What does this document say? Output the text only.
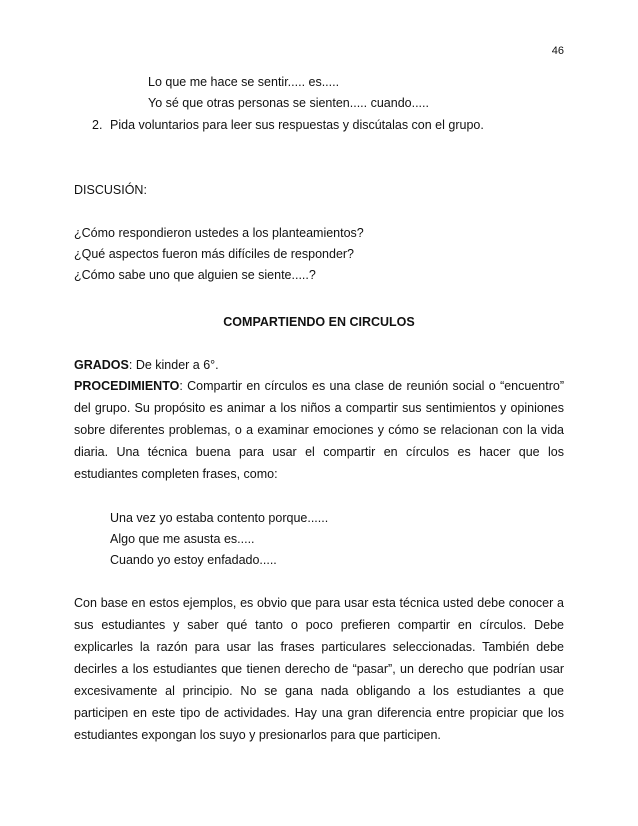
46
Lo que me hace se sentir..... es.....
Yo sé que otras personas se sienten..... cuando.....
2. Pida voluntarios para leer sus respuestas y discútalas con el grupo.
DISCUSIÓN:
¿Cómo respondieron ustedes a los planteamientos?
¿Qué aspectos fueron más difíciles de responder?
¿Cómo sabe uno que alguien se siente.....?
COMPARTIENDO EN CIRCULOS
GRADOS: De kinder a 6°.
PROCEDIMIENTO: Compartir en círculos es una clase de reunión social o “encuentro”
del grupo. Su propósito es animar a los niños a compartir sus sentimientos y opiniones
sobre diferentes problemas, o a examinar emociones y cómo se relacionan con la vida
diaria. Una técnica buena para usar el compartir en círculos es hacer que los
estudiantes completen frases, como:
Una vez yo estaba contento porque......
Algo que me asusta es.....
Cuando yo estoy enfadado.....
Con base en estos ejemplos, es obvio que para usar esta técnica usted debe conocer a
sus estudiantes y saber qué tanto o poco prefieren compartir en círculos. Debe
explicarles la razón para usar las frases particulares seleccionadas. También debe
decirles a los estudiantes que tienen derecho de “pasar”, un derecho que podrían usar
excesivamente al principio. No se gana nada obligando a los estudiantes a que
participen en este tipo de actividades. Hay una gran diferencia entre propiciar que los
estudiantes expongan los suyo y presionarlos para que participen.
